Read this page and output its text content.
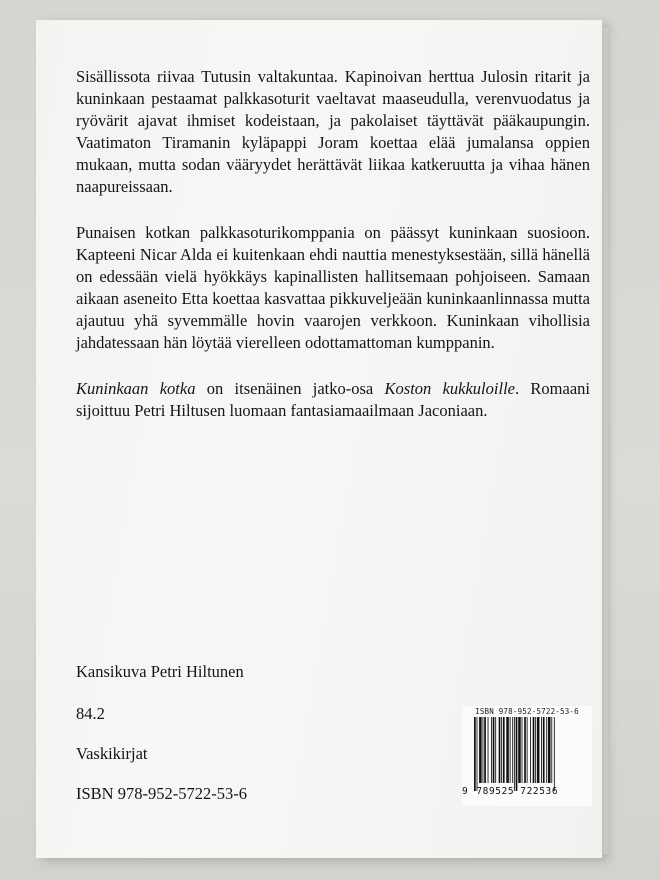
Sisällissota riivaa Tutusin valtakuntaa. Kapinoivan herttua Julosin ritarit ja kuninkaan pestaamat palkkasoturit vaeltavat maaseudulla, verenvuodatus ja ryövärit ajavat ihmiset kodeistaan, ja pakolaiset täyttävät pääkaupungin. Vaatimaton Tiramanin kyläpappi Joram koettaa elää jumalansa oppien mukaan, mutta sodan vääryydet herättävät liikaa katkeruutta ja vihaa hänen naapureissaan.

Punaisen kotkan palkkasoturikomppania on päässyt kuninkaan suosioon. Kapteeni Nicar Alda ei kuitenkaan ehdi nauttia menestyksestään, sillä hänellä on edessään vielä hyökkäys kapinallisten hallitsemaan pohjoiseen. Samaan aikaan aseneito Etta koettaa kasvattaa pikkuveljeään kuninkaanlinnassa mutta ajautuu yhä syvemmälle hovin vaarojen verkkoon. Kuninkaan vihollisia jahdatessaan hän löytää vierelleen odottamattoman kumppanin.

Kuninkaan kotka on itsenäinen jatko-osa Koston kukkuloille. Romaani sijoittuu Petri Hiltusen luomaan fantasiamaailmaan Jaconiaan.

Kansikuva Petri Hiltunen
84.2
Vaskikirjat
ISBN 978-952-5722-53-6
ISBN 978-952-5722-53-6
9 789525 722536
